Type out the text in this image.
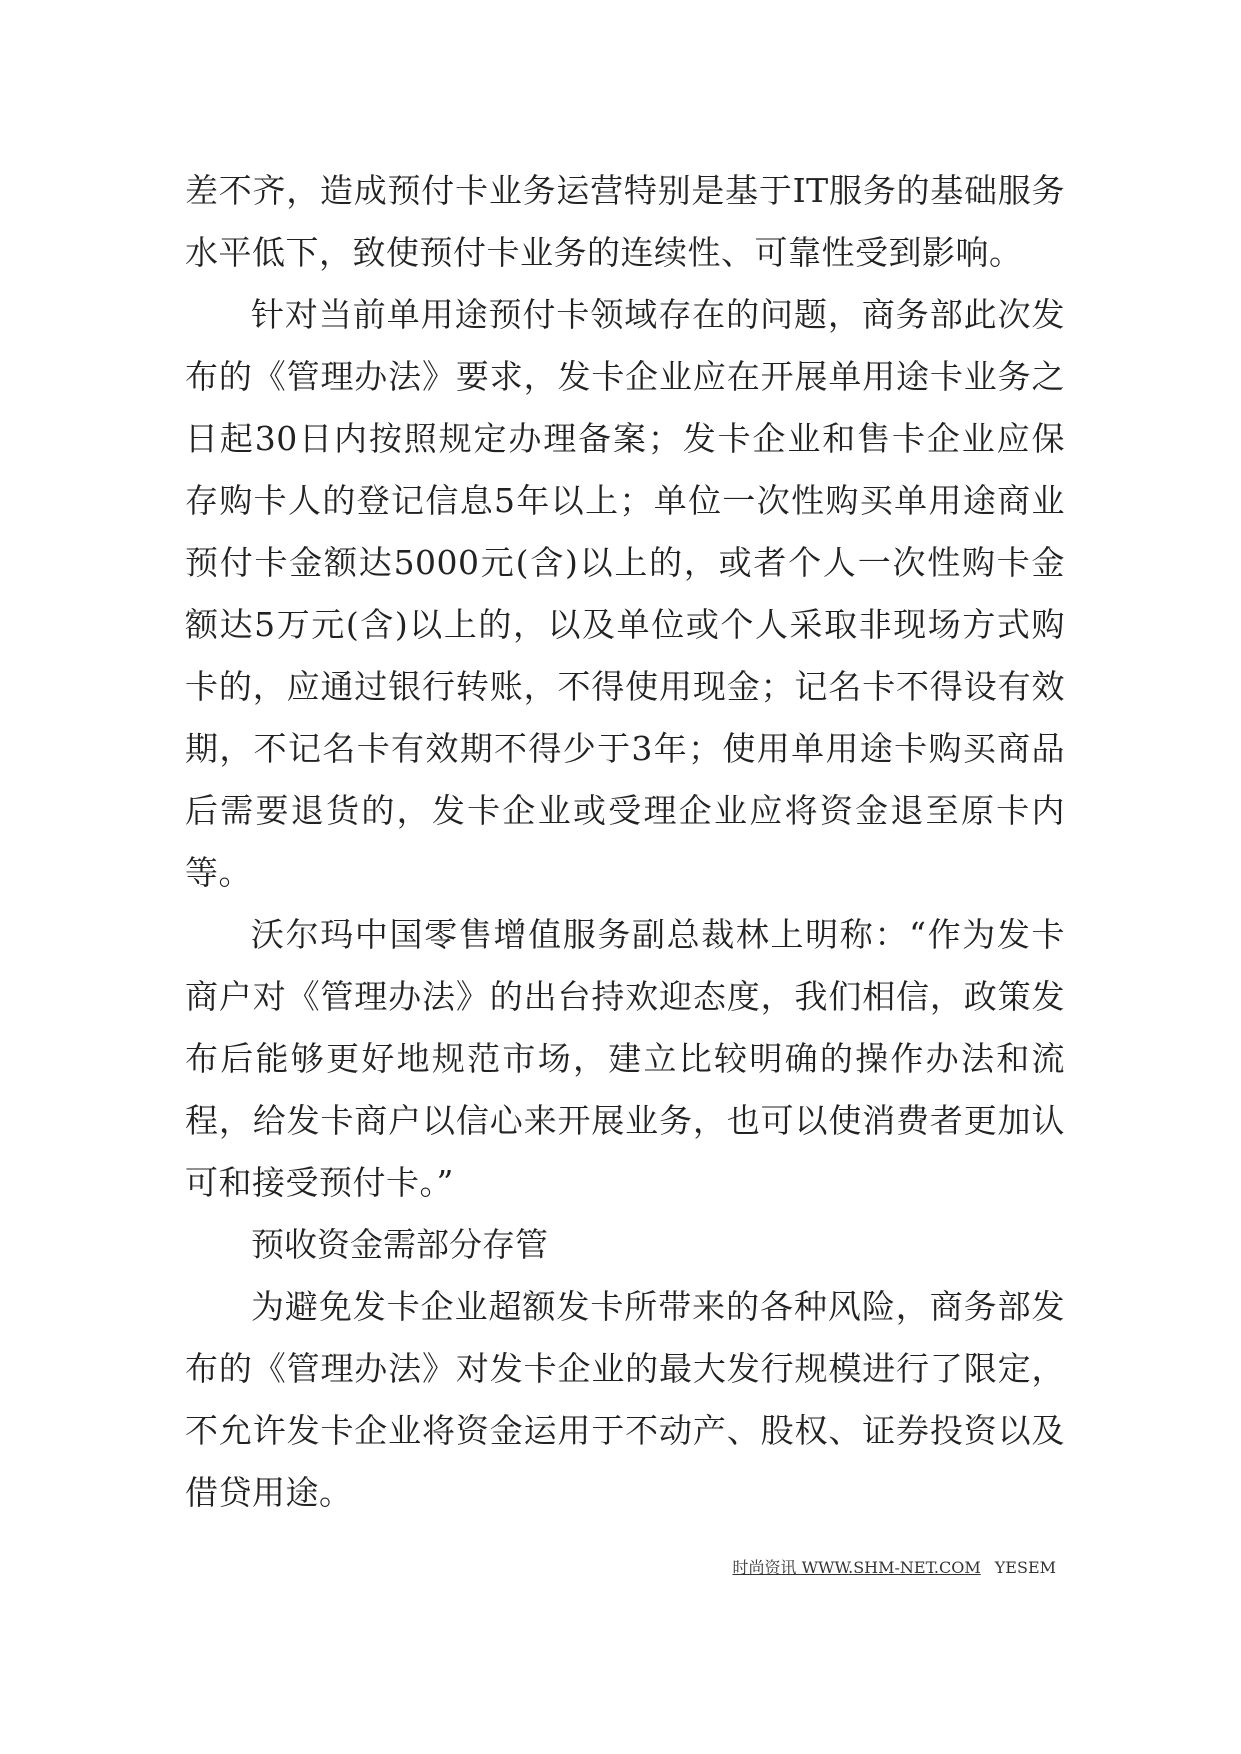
差不齐，造成预付卡业务运营特别是基于IT服务的基础服务水平低下，致使预付卡业务的连续性、可靠性受到影响。

针对当前单用途预付卡领域存在的问题，商务部此次发布的《管理办法》要求，发卡企业应在开展单用途卡业务之日起30日内按照规定办理备案；发卡企业和售卡企业应保存购卡人的登记信息5年以上；单位一次性购买单用途商业预付卡金额达5000元(含)以上的，或者个人一次性购卡金额达5万元(含)以上的，以及单位或个人采取非现场方式购卡的，应通过银行转账，不得使用现金；记名卡不得设有效期，不记名卡有效期不得少于3年；使用单用途卡购买商品后需要退货的，发卡企业或受理企业应将资金退至原卡内等。

沃尔玛中国零售增值服务副总裁林上明称：“作为发卡商户对《管理办法》的出台持欢迎态度，我们相信，政策发布后能够更好地规范市场，建立比较明确的操作办法和流程，给发卡商户以信心来开展业务，也可以使消费者更加认可和接受预付卡。”

预收资金需部分存管

为避免发卡企业超额发卡所带来的各种风险，商务部发布的《管理办法》对发卡企业的最大发行规模进行了限定，不允许发卡企业将资金运用于不动产、股权、证券投资以及借贷用途。

时尚资讯 WWW.SHM-NET.COM YESEM
